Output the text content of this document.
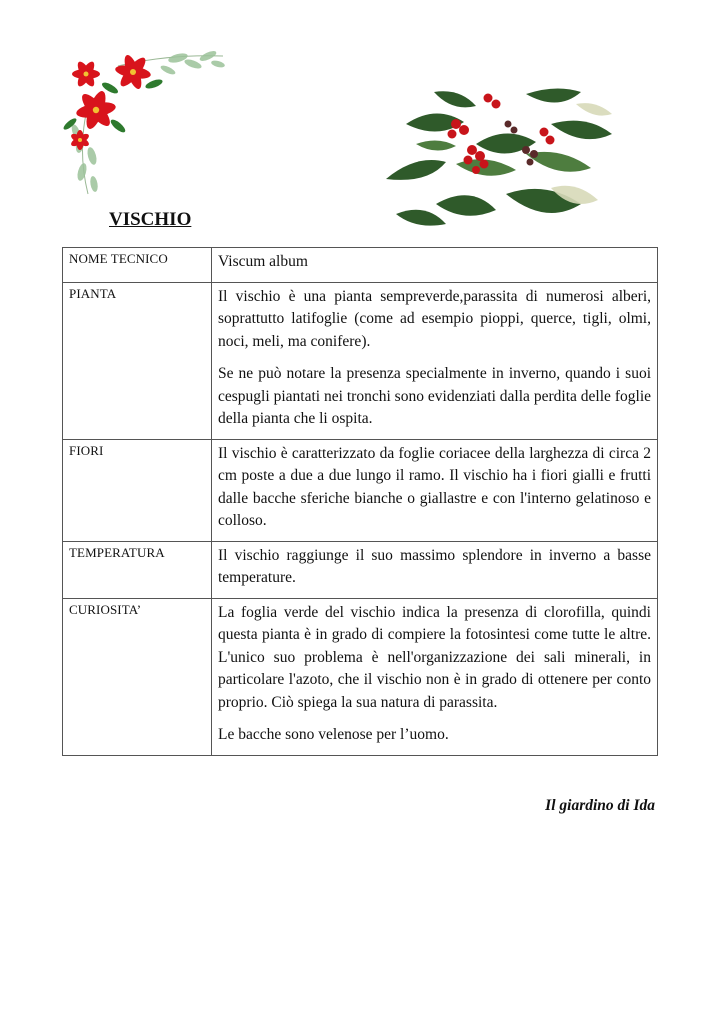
VISCHIO
NOME TECNICO	Viscum album

PIANTA	Il vischio è una pianta sempreverde,parassita di numerosi alberi, soprattutto latifoglie (come ad esempio pioppi, querce, tigli, olmi, noci, meli, ma conifere).

Se ne può notare la presenza specialmente in inverno, quando i suoi cespugli piantati nei tronchi sono evidenziati dalla perdita delle foglie della pianta che li ospita.

FIORI	Il vischio è caratterizzato da foglie coriacee della larghezza di circa 2 cm poste a due a due lungo il ramo. Il vischio ha i fiori gialli e frutti dalle bacche sferiche bianche o giallastre e con l'interno gelatinoso e colloso.

TEMPERATURA	Il vischio raggiunge il suo massimo splendore in inverno a basse temperature.

CURIOSITA’	La foglia verde del vischio indica la presenza di clorofilla, quindi questa pianta è in grado di compiere la fotosintesi come tutte le altre. L'unico suo problema è nell'organizzazione dei sali minerali, in particolare l'azoto, che il vischio non è in grado di ottenere per conto proprio. Ciò spiega la sua natura di parassita.

Le bacche sono velenose per l’uomo.

Il giardino di Ida
